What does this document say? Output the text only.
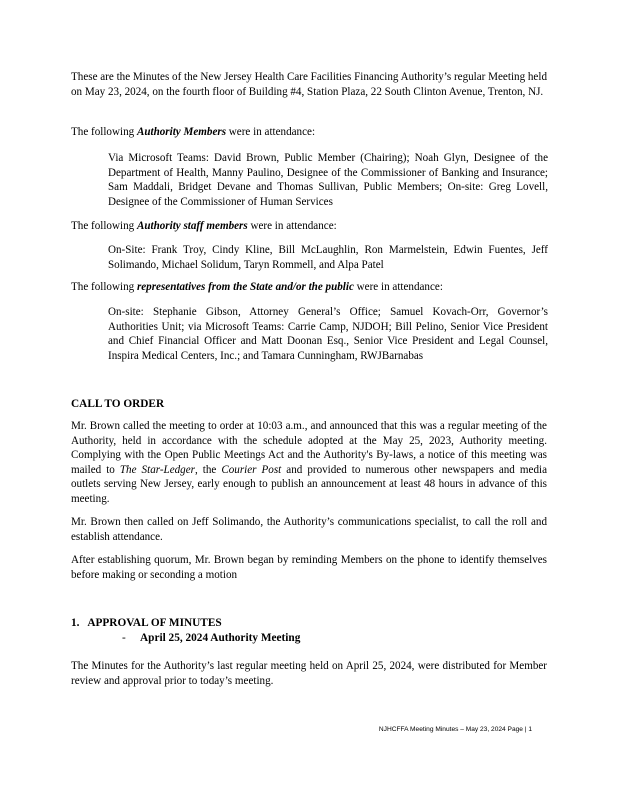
These are the Minutes of the New Jersey Health Care Facilities Financing Authority’s regular Meeting held on May 23, 2024, on the fourth floor of Building #4, Station Plaza, 22 South Clinton Avenue, Trenton, NJ.

The following Authority Members were in attendance:

Via Microsoft Teams: David Brown, Public Member (Chairing); Noah Glyn, Designee of the Department of Health, Manny Paulino, Designee of the Commissioner of Banking and Insurance; Sam Maddali, Bridget Devane and Thomas Sullivan, Public Members; On-site: Greg Lovell, Designee of the Commissioner of Human Services

The following Authority staff members were in attendance:

On-Site: Frank Troy, Cindy Kline, Bill McLaughlin, Ron Marmelstein, Edwin Fuentes, Jeff Solimando, Michael Solidum, Taryn Rommell, and Alpa Patel

The following representatives from the State and/or the public were in attendance:

On-site: Stephanie Gibson, Attorney General’s Office; Samuel Kovach-Orr, Governor’s Authorities Unit; via Microsoft Teams: Carrie Camp, NJDOH; Bill Pelino, Senior Vice President and Chief Financial Officer and Matt Doonan Esq., Senior Vice President and Legal Counsel, Inspira Medical Centers, Inc.; and Tamara Cunningham, RWJBarnabas

CALL TO ORDER

Mr. Brown called the meeting to order at 10:03 a.m., and announced that this was a regular meeting of the Authority, held in accordance with the schedule adopted at the May 25, 2023, Authority meeting. Complying with the Open Public Meetings Act and the Authority's By-laws, a notice of this meeting was mailed to The Star-Ledger, the Courier Post and provided to numerous other newspapers and media outlets serving New Jersey, early enough to publish an announcement at least 48 hours in advance of this meeting.

Mr. Brown then called on Jeff Solimando, the Authority’s communications specialist, to call the roll and establish attendance.

After establishing quorum, Mr. Brown began by reminding Members on the phone to identify themselves before making or seconding a motion

1.   APPROVAL OF MINUTES
- April 25, 2024 Authority Meeting

The Minutes for the Authority’s last regular meeting held on April 25, 2024, were distributed for Member review and approval prior to today’s meeting.

NJHCFFA Meeting Minutes – May 23, 2024 Page | 1
